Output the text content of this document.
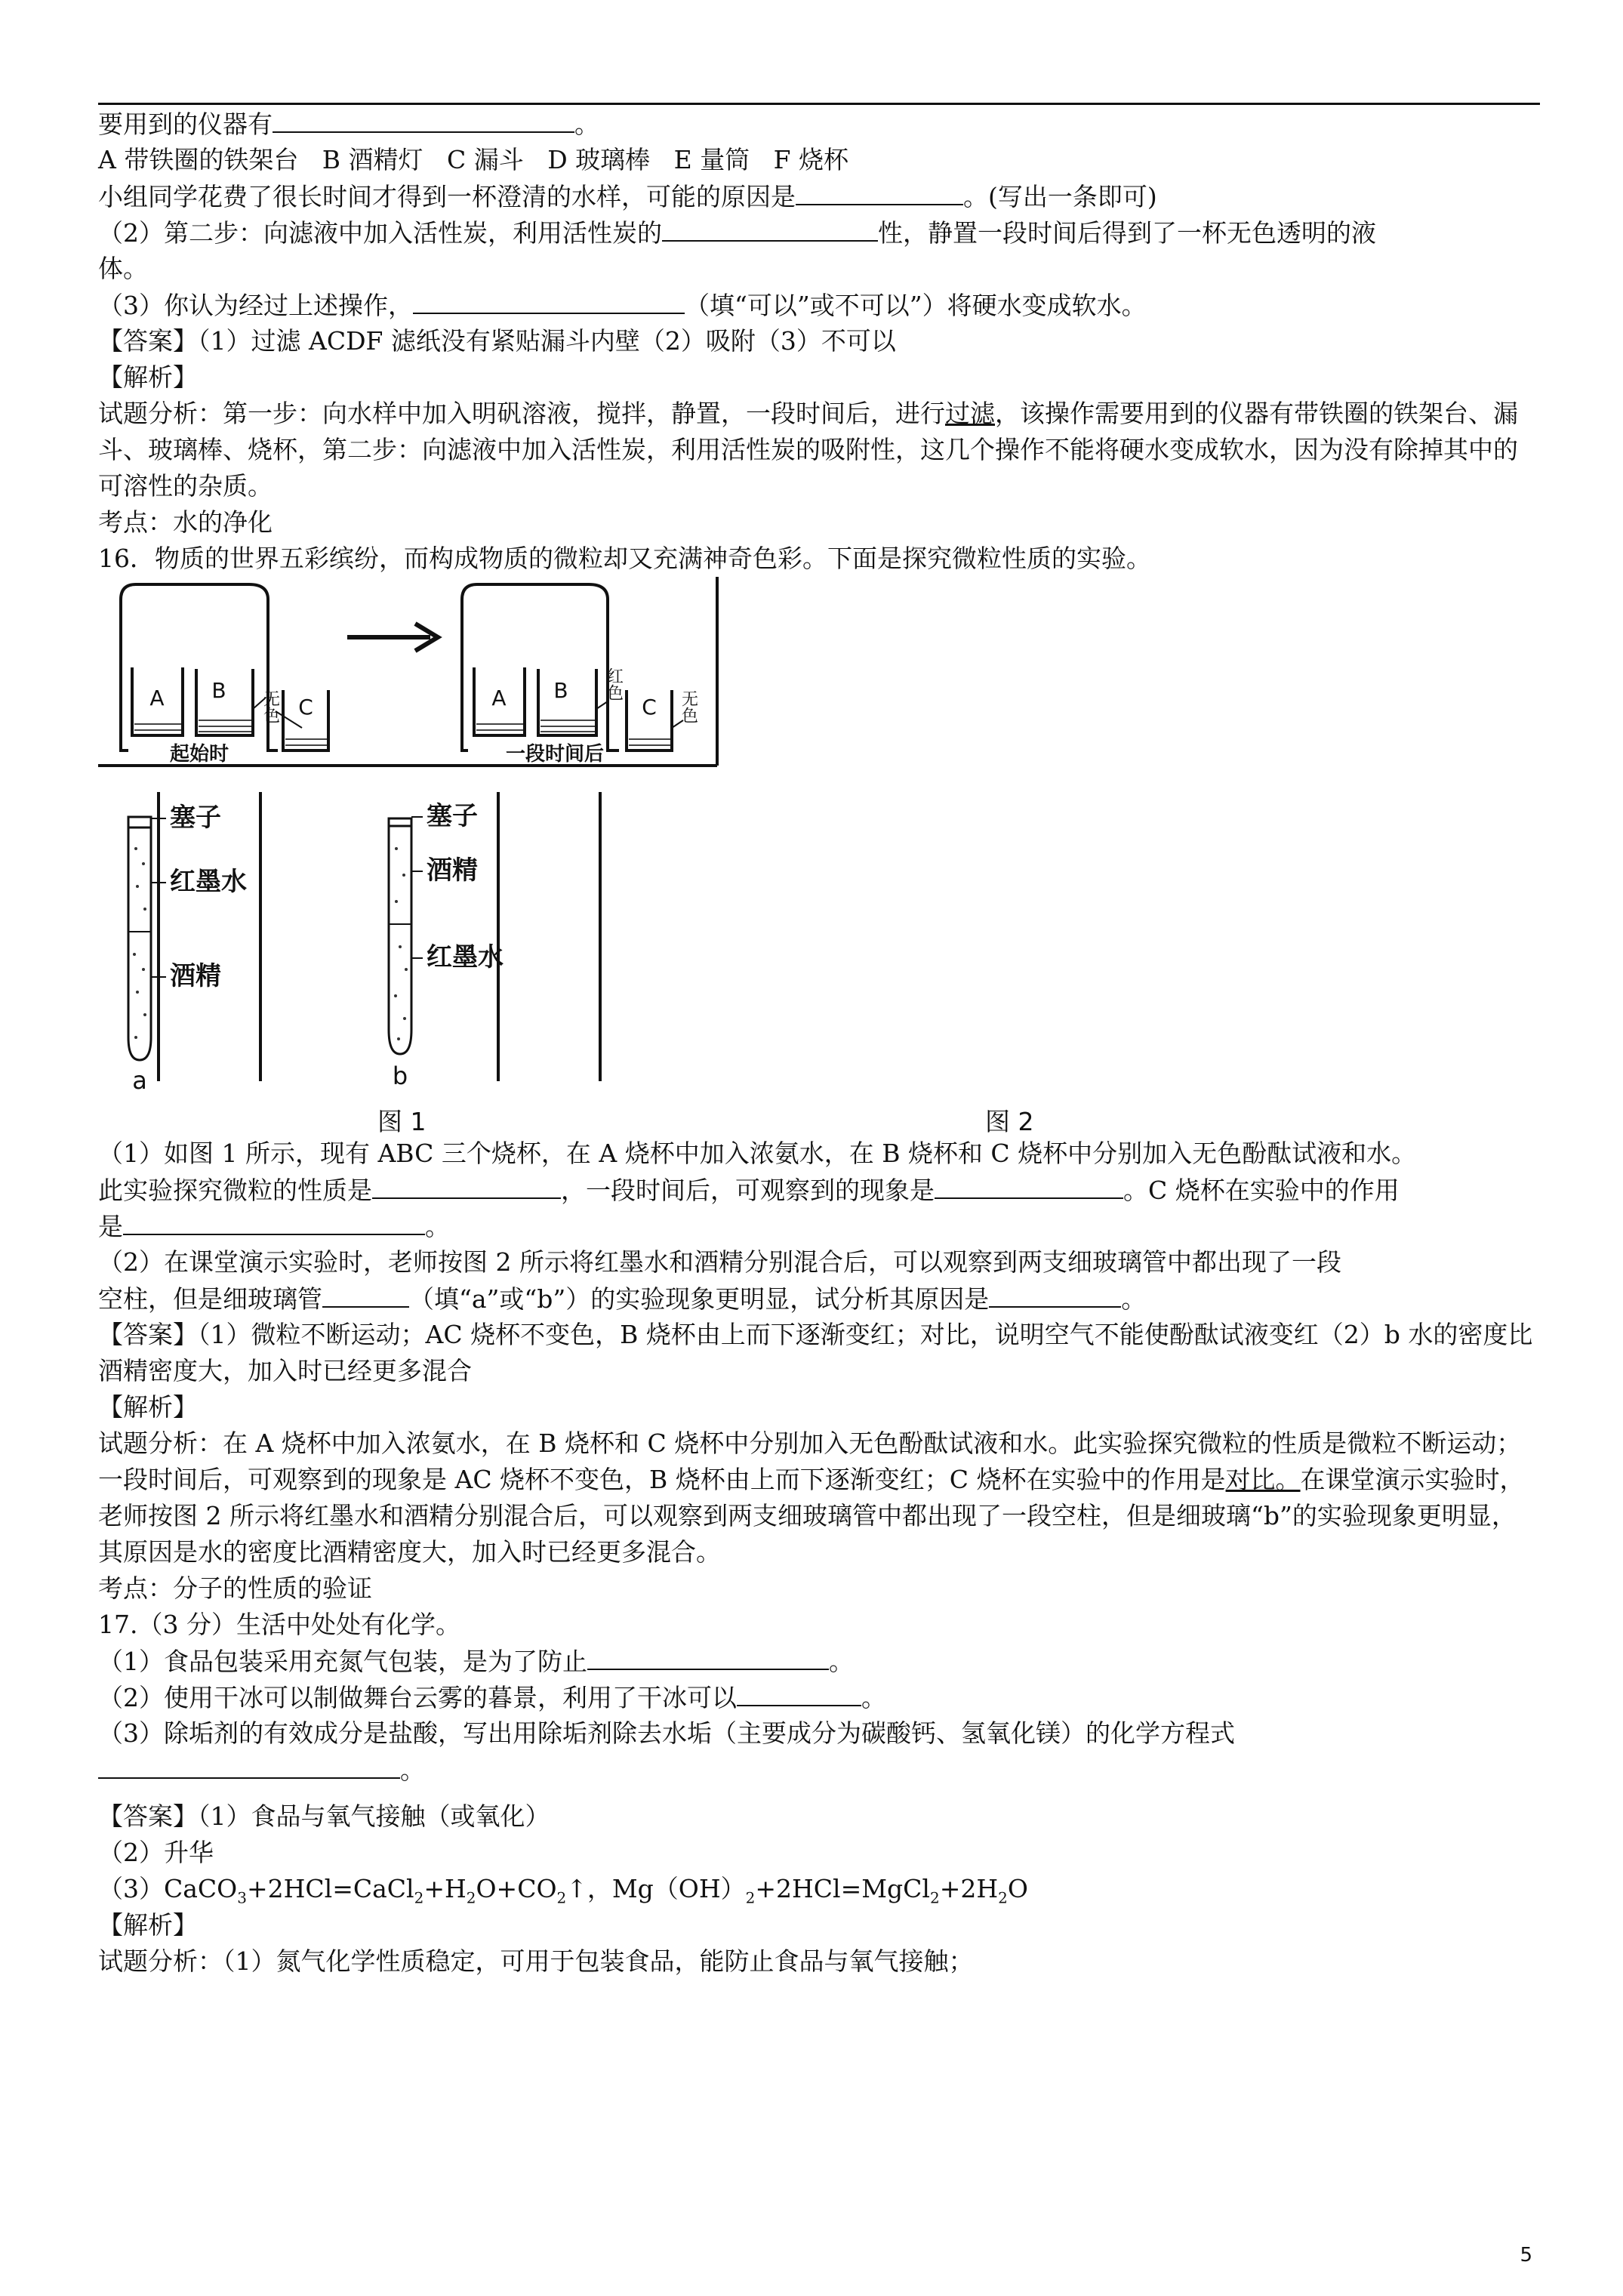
要用到的仪器有	。
A 带铁圈的铁架台   B 酒精灯   C 漏斗   D 玻璃棒   E 量筒   F 烧杯
小组同学花费了很长时间才得到一杯澄清的水样，可能的原因是	。(写出一条即可)
（2）第二步：向滤液中加入活性炭，利用活性炭的	性，静置一段时间后得到了一杯无色透明的液
体。
（3）你认为经过上述操作，	（填“可以”或不可以”）将硬水变成软水。
【答案】（1）过滤 ACDF 滤纸没有紧贴漏斗内壁（2）吸附（3）不可以
【解析】
试题分析：第一步：向水样中加入明矾溶液，搅拌，静置，一段时间后，进行过滤，该操作需要用到的仪器有带铁圈的铁架台、漏斗、玻璃棒、烧杯，第二步：向滤液中加入活性炭，利用活性炭的吸附性，这几个操作不能将硬水变成软水，因为没有除掉其中的可溶性的杂质。
考点：水的净化
16．物质的世界五彩缤纷，而构成物质的微粒却又充满神奇色彩。下面是探究微粒性质的实验。
A B
C	A B
C
无色
红色
无色
起始时	一段时间后
塞子
红墨水
酒精
塞子
酒精
红墨水
a	b
图 1	图 2
（1）如图 1 所示，现有 ABC 三个烧杯，在 A 烧杯中加入浓氨水，在 B 烧杯和 C 烧杯中分别加入无色酚酞试液和水。
此实验探究微粒的性质是	，一段时间后，可观察到的现象是	。C 烧杯在实验中的作用
是	。
（2）在课堂演示实验时，老师按图 2 所示将红墨水和酒精分别混合后，可以观察到两支细玻璃管中都出现了一段
空柱，但是细玻璃管	（填“a”或“b”）的实验现象更明显，试分析其原因是	。
【答案】（1）微粒不断运动；AC 烧杯不变色，B 烧杯由上而下逐渐变红；对比，说明空气不能使酚酞试液变红（2）b 水的密度比酒精密度大，加入时已经更多混合
【解析】
试题分析：在 A 烧杯中加入浓氨水，在 B 烧杯和 C 烧杯中分别加入无色酚酞试液和水。此实验探究微粒的性质是微粒不断运动；一段时间后，可观察到的现象是 AC 烧杯不变色，B 烧杯由上而下逐渐变红；C 烧杯在实验中的作用是对比。在课堂演示实验时，老师按图 2 所示将红墨水和酒精分别混合后，可以观察到两支细玻璃管中都出现了一段空柱，但是细玻璃“b”的实验现象更明显，其原因是水的密度比酒精密度大，加入时已经更多混合。
考点：分子的性质的验证
17.（3 分）生活中处处有化学。
（1）食品包装采用充氮气包装，是为了防止	。
（2）使用干冰可以制做舞台云雾的暮景，利用了干冰可以	。
（3）除垢剂的有效成分是盐酸，写出用除垢剂除去水垢（主要成分为碳酸钙、氢氧化镁）的化学方程式
。
【答案】（1）食品与氧气接触（或氧化）
（2）升华
$(3)CaCO_3+2HCl=CaCl_2+H_2O+CO_2↑$，$Mg(OH)_2+2HCl=MgCl_2+2H_2O$
【解析】
试题分析：（1）氮气化学性质稳定，可用于包装食品，能防止食品与氧气接触；
5
